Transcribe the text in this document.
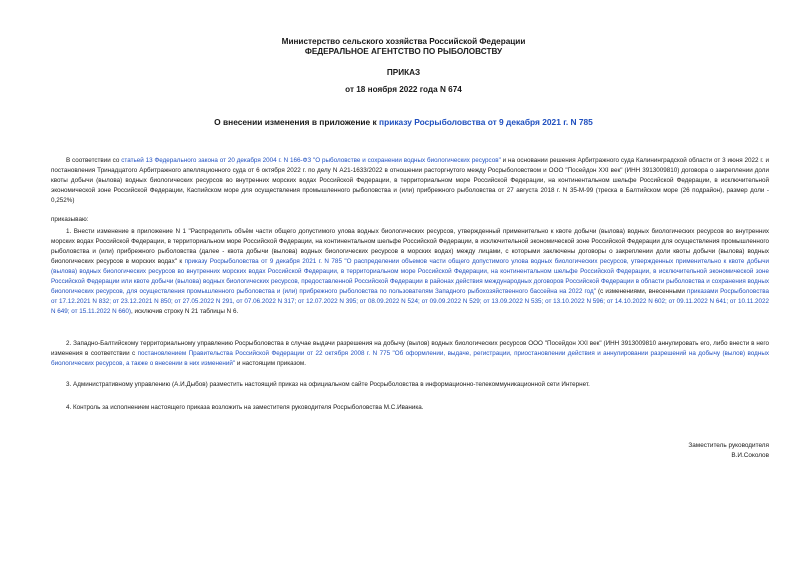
Министерство сельского хозяйства Российской Федерации
ФЕДЕРАЛЬНОЕ АГЕНТСТВО ПО РЫБОЛОВСТВУ
ПРИКАЗ
от 18 ноября 2022 года N 674
О внесении изменения в приложение к приказу Росрыболовства от 9 декабря 2021 г. N 785
В соответствии со статьей 13 Федерального закона от 20 декабря 2004 г. N 166-ФЗ "О рыболовстве и сохранении водных биологических ресурсов" и на основании решения Арбитражного суда Калининградской области от 3 июня 2022 г. и постановления Тринадцатого Арбитражного апелляционного суда от 6 октября 2022 г. по делу N А21-1633/2022 в отношении расторгнутого между Росрыболовством и ООО "Посейдон XXI век" (ИНН 3913009810) договора о закреплении доли квоты добычи (вылова) водных биологических ресурсов во внутренних морских водах Российской Федерации, в территориальном море Российской Федерации, на континентальном шельфе Российской Федерации, в исключительной экономической зоне Российской Федерации, Каспийском море для осуществления промышленного рыболовства и (или) прибрежного рыболовства от 27 августа 2018 г. N 35-М-99 (треска в Балтийском море (26 подрайон), размер доли - 0,252%)
приказываю:
1. Внести изменение в приложение N 1 "Распределить объём части общего допустимого улова водных биологических ресурсов, утвержденный применительно к квоте добычи (вылова) водных биологических ресурсов во внутренних морских водах Российской Федерации, в территориальном море Российской Федерации, на континентальном шельфе Российской Федерации, в исключительной экономической зоне Российской Федерации для осуществления промышленного рыболовства и (или) прибрежного рыболовства (далее - квота добычи (вылова) водных биологических ресурсов в морских водах) между лицами, с которыми заключены договоры о закреплении доли квоты добычи (вылова) водных биологических ресурсов в морских водах" к приказу Росрыболовства от 9 декабря 2021 г. N 785 "О распределении объемов части общего допустимого улова водных биологических ресурсов, утвержденных применительно к квоте добычи (вылова) водных биологических ресурсов во внутренних морских водах Российской Федерации, в территориальном море Российской Федерации, на континентальном шельфе Российской Федерации, в исключительной экономической зоне Российской Федерации или квоте добычи (вылова) водных биологических ресурсов, предоставленной Российской Федерации в районах действия международных договоров Российской Федерации в области рыболовства и сохранения водных биологических ресурсов, для осуществления промышленного рыболовства и (или) прибрежного рыболовства по пользователям Западного рыбохозяйственного бассейна на 2022 год" (с изменениями, внесенными приказами Росрыболовства от 17.12.2021 N 832; от 23.12.2021 N 850; от 27.05.2022 N 291, от 07.06.2022 N 317; от 12.07.2022 N 395; от 08.09.2022 N 524; от 09.09.2022 N 529; от 13.09.2022 N 535; от 13.10.2022 N 596; от 14.10.2022 N 602; от 09.11.2022 N 641; от 10.11.2022 N 649; от 15.11.2022 N 660), исключив строку N 21 таблицы N 6.
2. Западно-Балтийскому территориальному управлению Росрыболовства в случае выдачи разрешения на добычу (вылов) водных биологических ресурсов ООО "Посейдон XXI век" (ИНН 3913009810 аннулировать его, либо внести в него изменения в соответствии с постановлением Правительства Российской Федерации от 22 октября 2008 г. N 775 "Об оформлении, выдаче, регистрации, приостановлении действия и аннулировании разрешений на добычу (вылов) водных биологических ресурсов, а также о внесении в них изменений" и настоящим приказом.
3. Административному управлению (А.И.Дыбов) разместить настоящий приказ на официальном сайте Росрыболовства в информационно-телекоммуникационной сети Интернет.
4. Контроль за исполнением настоящего приказа возложить на заместителя руководителя Росрыболовства М.С.Иваника.
Заместитель руководителя
В.И.Соколов
